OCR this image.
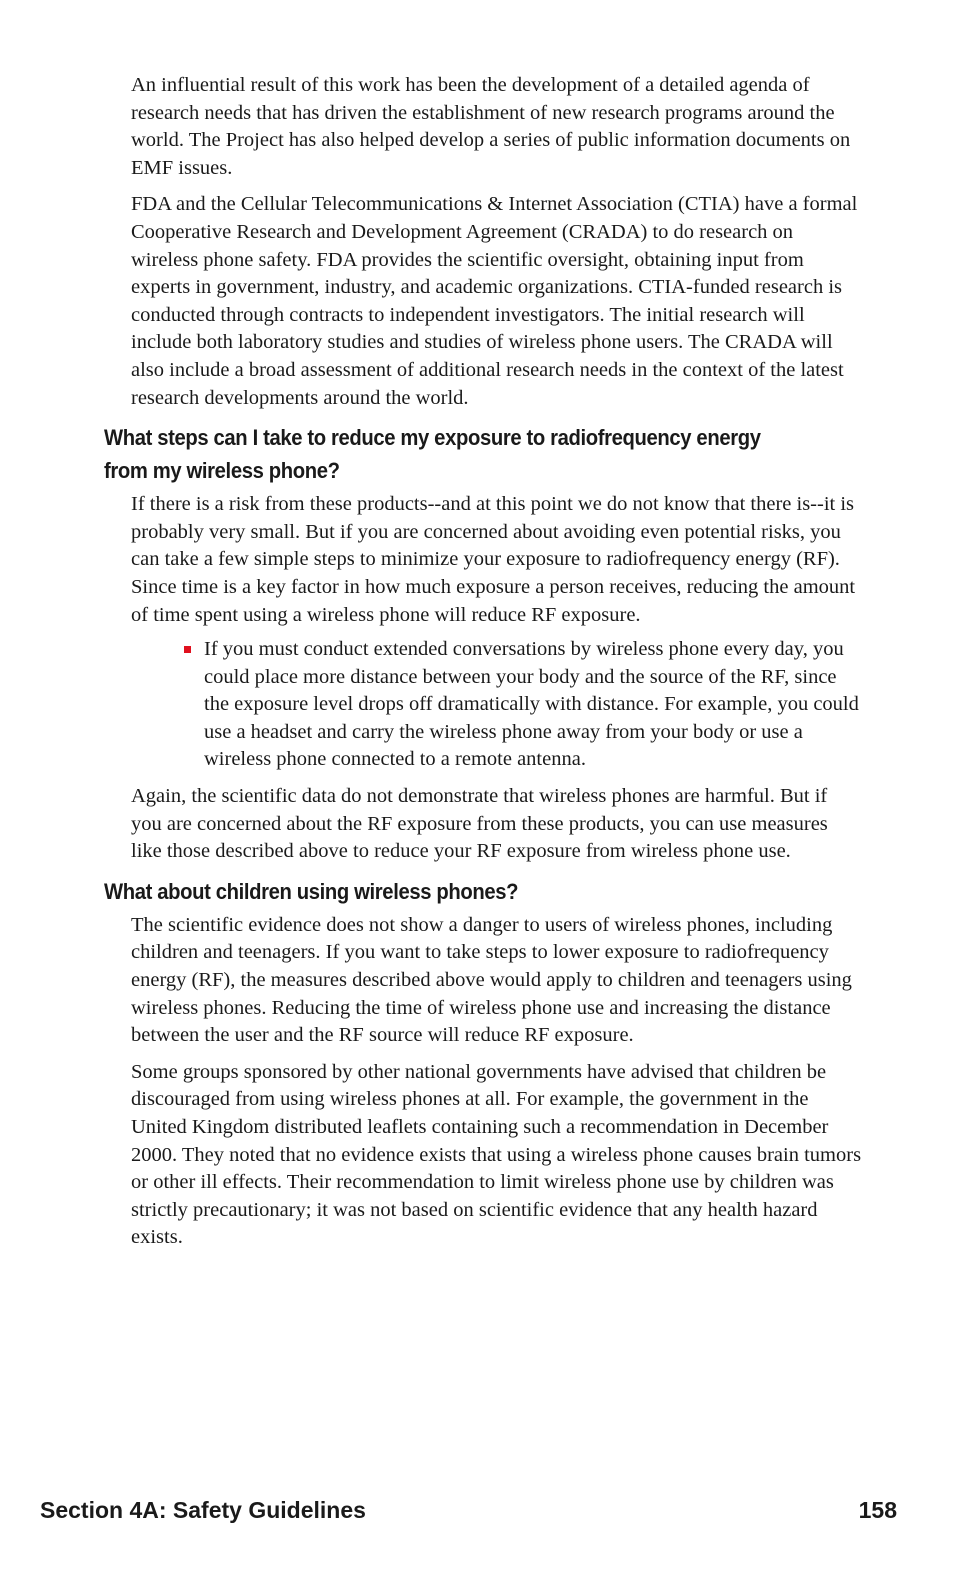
An influential result of this work has been the development of a detailed agenda of research needs that has driven the establishment of new research programs around the world. The Project has also helped develop a series of public information documents on EMF issues.

FDA and the Cellular Telecommunications & Internet Association (CTIA) have a formal Cooperative Research and Development Agreement (CRADA) to do research on wireless phone safety. FDA provides the scientific oversight, obtaining input from experts in government, industry, and academic organizations. CTIA-funded research is conducted through contracts to independent investigators. The initial research will include both laboratory studies and studies of wireless phone users. The CRADA will also include a broad assessment of additional research needs in the context of the latest research developments around the world.

What steps can I take to reduce my exposure to radiofrequency energy from my wireless phone?

If there is a risk from these products--and at this point we do not know that there is--it is probably very small. But if you are concerned about avoiding even potential risks, you can take a few simple steps to minimize your exposure to radiofrequency energy (RF). Since time is a key factor in how much exposure a person receives, reducing the amount of time spent using a wireless phone will reduce RF exposure.

If you must conduct extended conversations by wireless phone every day, you could place more distance between your body and the source of the RF, since the exposure level drops off dramatically with distance. For example, you could use a headset and carry the wireless phone away from your body or use a wireless phone connected to a remote antenna.

Again, the scientific data do not demonstrate that wireless phones are harmful. But if you are concerned about the RF exposure from these products, you can use measures like those described above to reduce your RF exposure from wireless phone use.

What about children using wireless phones?

The scientific evidence does not show a danger to users of wireless phones, including children and teenagers. If you want to take steps to lower exposure to radiofrequency energy (RF), the measures described above would apply to children and teenagers using wireless phones. Reducing the time of wireless phone use and increasing the distance between the user and the RF source will reduce RF exposure.

Some groups sponsored by other national governments have advised that children be discouraged from using wireless phones at all. For example, the government in the United Kingdom distributed leaflets containing such a recommendation in December 2000. They noted that no evidence exists that using a wireless phone causes brain tumors or other ill effects. Their recommendation to limit wireless phone use by children was strictly precautionary; it was not based on scientific evidence that any health hazard exists.

Section 4A: Safety Guidelines	158
